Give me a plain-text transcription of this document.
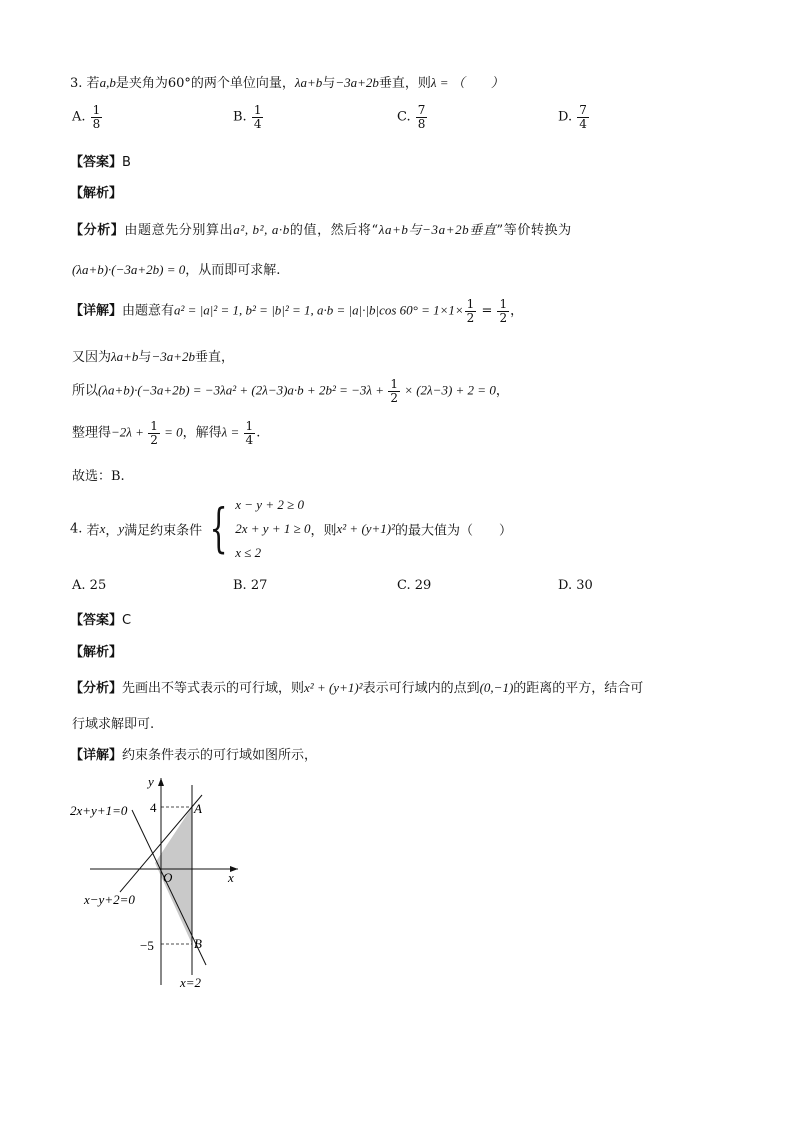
3. 若a,b是夹角为60°的两个单位向量，λa+b与−3a+2b垂直，则λ = （　　）
A. $\frac{1}{8}$	B. $\frac{1}{4}$	C. $\frac{7}{8}$	D. $\frac{7}{4}$
【答案】B
【解析】
【分析】由题意先分别算出a², b², a·b的值，然后将“λa+b与−3a+2b垂直”等价转换为
(λa+b)·(−3a+2b) = 0，从而即可求解.
【详解】由题意有a² = |a|² = 1, b² = |b|² = 1, a·b = |a|·|b|cos $60^\circ = 1\times 1\times \frac{1}{2} = \frac{1}{2}$ ，
又因为λa+b与−3a+2b垂直，
所以$(\lambda a+b)\cdot(-3a+2b) = -3\lambda a^2 + (2\lambda-3)a\cdot b + 2b^2 = -3\lambda + \frac{1}{2} \times (2\lambda-3) + 2 = 0$，
整理得$-2\lambda + \frac{1}{2} = 0$，解得$\lambda = \frac{1}{4}$ .
故选：B.
4. 若x，y满足约束条件 { x − y + 2 ≥ 0
2x + y + 1 ≥ 0
x ≤ 2
，则x² + (y+1)²的最大值为（　　）
A. 25	B. 27	C. 29	D. 30
【答案】C
【解析】
【分析】先画出不等式表示的可行域，则x² + (y+1)²表示可行域内的点到(0,−1)的距离的平方，结合可
行域求解即可.
【详解】约束条件表示的可行域如图所示，
2x+y+1=0
x−y+2=0
x=2
y
x
O
A
B
4
−5
